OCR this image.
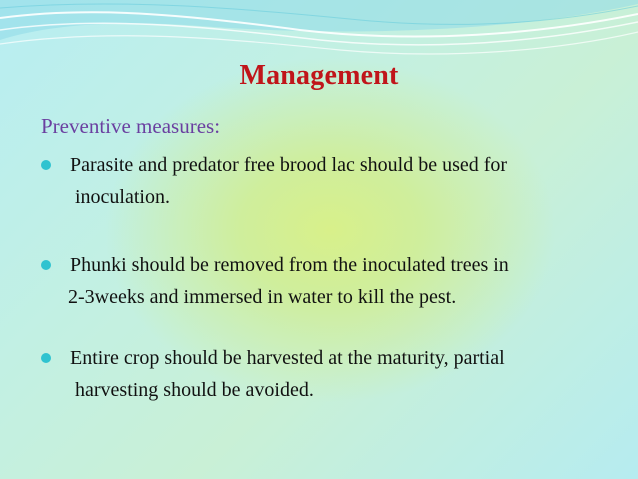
Management
Preventive measures:
Parasite and predator free brood lac should be used for
inoculation.
Phunki should be removed from the inoculated trees in
2-3weeks and immersed in water to kill the pest.
Entire crop should be harvested at the maturity, partial
harvesting should be avoided.
